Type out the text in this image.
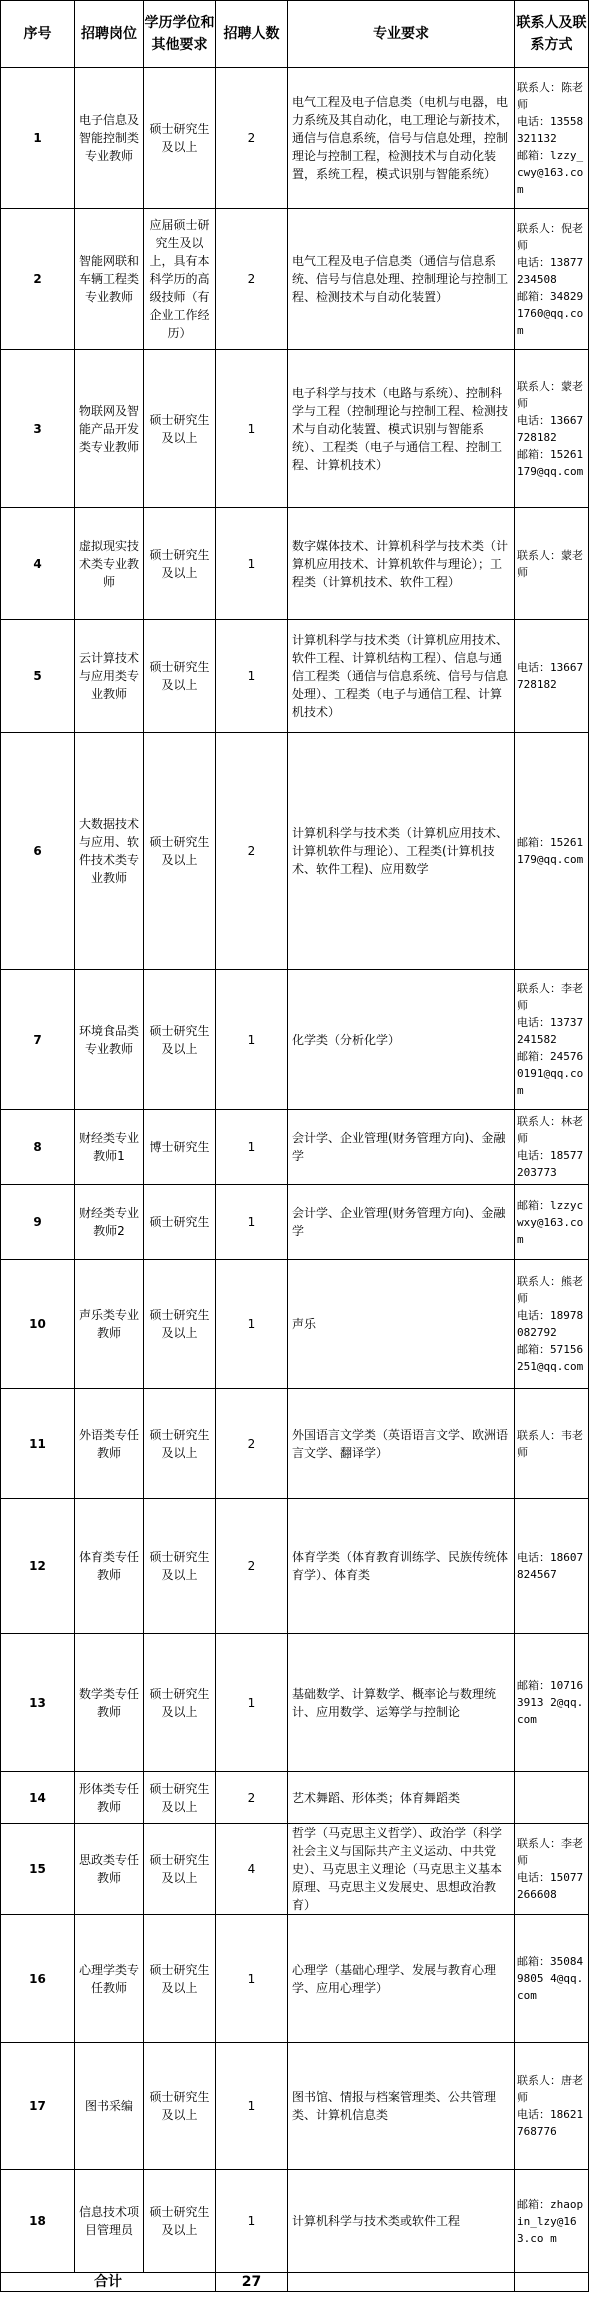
序号	招聘岗位	学历学位和其他要求	招聘人数	专业要求	联系人及联系方式
1	电子信息及智能控制类专业教师	硕士研究生及以上	2	电气工程及电子信息类（电机与电器，电力系统及其自动化，电工理论与新技术，通信与信息系统，信号与信息处理，控制理论与控制工程，检测技术与自动化装置，系统工程，模式识别与智能系统）	联系人：陈老师
电话：13558321132
邮箱：lzzy_cwy@163.com

2	智能网联和车辆工程类专业教师	应届硕士研究生及以上，具有本科学历的高级技师（有企业工作经历）	2	电气工程及电子信息类（通信与信息系统、信号与信息处理、控制理论与控制工程、检测技术与自动化装置）	联系人：倪老师
电话：13877234508
邮箱：348291760@qq.com

3	物联网及智能产品开发类专业教师	硕士研究生及以上	1	电子科学与技术（电路与系统）、控制科学与工程（控制理论与控制工程、检测技术与自动化装置、模式识别与智能系统）、工程类（电子与通信工程、控制工程、计算机技术）	联系人：蒙老师
电话：13667728182
邮箱：15261179@qq.com

4	虚拟现实技术类专业教师	硕士研究生及以上	1	数字媒体技术、计算机科学与技术类（计算机应用技术、计算机软件与理论）；工程类（计算机技术、软件工程）	联系人：蒙老师

5	云计算技术与应用类专业教师	硕士研究生及以上	1	计算机科学与技术类（计算机应用技术、软件工程、计算机结构工程）、信息与通信工程类（通信与信息系统、信号与信息处理）、工程类（电子与通信工程、计算机技术）	电话：13667728182

6	大数据技术与应用、软件技术类专业教师	硕士研究生及以上	2	计算机科学与技术类（计算机应用技术、计算机软件与理论）、工程类(计算机技术、软件工程)、应用数学	邮箱：15261179@qq.com

7	环境食品类专业教师	硕士研究生及以上	1	化学类（分析化学）	联系人：李老师
电话：13737241582
邮箱：245760191@qq.com

8	财经类专业教师1	博士研究生	1	会计学、企业管理(财务管理方向)、金融学	联系人：林老师
电话：18577203773

9	财经类专业教师2	硕士研究生	1	会计学、企业管理(财务管理方向)、金融学	邮箱：lzzycwxy@163.com

10	声乐类专业教师	硕士研究生及以上	1	声乐	联系人：熊老师
电话：18978082792
邮箱：57156251@qq.com

11	外语类专任教师	硕士研究生及以上	2	外国语言文学类（英语语言文学、欧洲语言文学、翻译学）	联系人：韦老师

12	体育类专任教师	硕士研究生及以上	2	体育学类（体育教育训练学、民族传统体育学）、体育类	电话：18607824567

13	数学类专任教师	硕士研究生及以上	1	基础数学、计算数学、概率论与数理统计、应用数学、运筹学与控制论	邮箱：107163913 2@qq.com

14	形体类专任教师	硕士研究生及以上	2	艺术舞蹈、形体类；体育舞蹈类	
15	思政类专任教师	硕士研究生及以上	4	哲学（马克思主义哲学）、政治学（科学社会主义与国际共产主义运动、中共党史）、马克思主义理论（马克思主义基本原理、马克思主义发展史、思想政治教育）	联系人：李老师
电话：15077266608

16	心理学类专任教师	硕士研究生及以上	1	心理学（基础心理学、发展与教育心理学、应用心理学）	邮箱：350849805 4@qq.com

17	图书采编	硕士研究生及以上	1	图书馆、情报与档案管理类、公共管理类、计算机信息类	联系人：唐老师
电话：18621768776

18	信息技术项目管理员	硕士研究生及以上	1	计算机科学与技术类或软件工程	邮箱：zhaopin_lzy@163.co m

合计			27		
